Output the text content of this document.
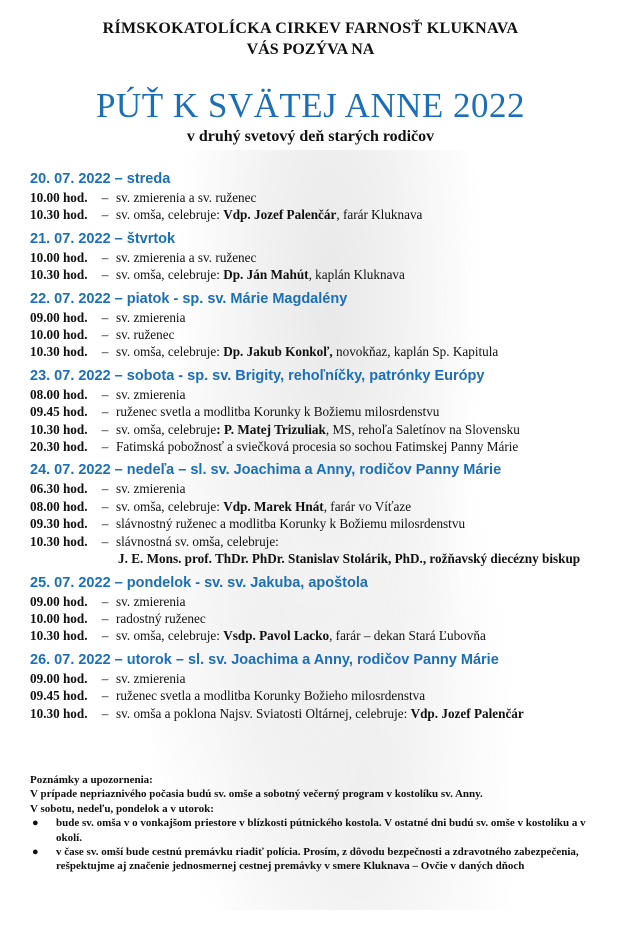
RÍMSKOKATOLÍCKA CIRKEV FARNOSŤ KLUKNAVA
VÁS POZÝVA NA
PÚŤ K SVÄTEJ ANNE 2022
v druhý svetový deň starých rodičov
20. 07. 2022 – streda
10.00 hod. – sv. zmierenia a sv. ruženec
10.30 hod. – sv. omša, celebruje: Vdp. Jozef Palenčár, farár Kluknava
21. 07. 2022 – štvrtok
10.00 hod. – sv. zmierenia a sv. ruženec
10.30 hod. – sv. omša, celebruje: Dp. Ján Mahút, kaplán Kluknava
22. 07. 2022 – piatok - sp. sv. Márie Magdalény
09.00 hod. – sv. zmierenia
10.00 hod. – sv. ruženec
10.30 hod. – sv. omša, celebruje: Dp. Jakub Konkoľ, novokňaz, kaplán Sp. Kapitula
23. 07. 2022 – sobota - sp. sv. Brigity, rehoľníčky, patrónky Európy
08.00 hod. – sv. zmierenia
09.45 hod. – ruženec svetla a modlitba Korunky k Božiemu milosrdenstvu
10.30 hod. – sv. omša, celebruje: P. Matej Trizuliak, MS, rehoľa Saletínov na Slovensku
20.30 hod. – Fatimská pobožnosť a sviečková procesia so sochou Fatimskej Panny Márie
24. 07. 2022 – nedeľa – sl. sv. Joachima a Anny, rodičov Panny Márie
06.30 hod. – sv. zmierenia
08.00 hod. – sv. omša, celebruje: Vdp. Marek Hnát, farár vo Víťaze
09.30 hod. – slávnostný ruženec a modlitba Korunky k Božiemu milosrdenstvu
10.30 hod. – slávnostná sv. omša, celebruje:
J. E. Mons. prof. ThDr. PhDr. Stanislav Stolárik, PhD., rožňavský diecézny biskup
25. 07. 2022 – pondelok - sv. sv. Jakuba, apoštola
09.00 hod. – sv. zmierenia
10.00 hod. – radostný ruženec
10.30 hod. – sv. omša, celebruje: Vsdp. Pavol Lacko, farár – dekan Stará Ľubovňa
26. 07. 2022 – utorok – sl. sv. Joachima a Anny, rodičov Panny Márie
09.00 hod. – sv. zmierenia
09.45 hod. – ruženec svetla a modlitba Korunky Božieho milosrdenstva
10.30 hod. – sv. omša a poklona Najsv. Sviatosti Oltárnej, celebruje: Vdp. Jozef Palenčár
Poznámky a upozornenia:
V prípade nepriaznivého počasia budú sv. omše a sobotný večerný program v kostolíku sv. Anny.
V sobotu, nedeľu, pondelok a v utorok:
● bude sv. omša v o vonkajšom priestore v blízkosti pútnického kostola. V ostatné dni budú sv. omše v kostolíku a v okolí.
● v čase sv. omší bude cestnú premávku riadiť polícia. Prosím, z dôvodu bezpečnosti a zdravotného zabezpečenia, rešpektujme aj značenie jednosmernej cestnej premávky v smere Kluknava – Ovčie v daných dňoch
